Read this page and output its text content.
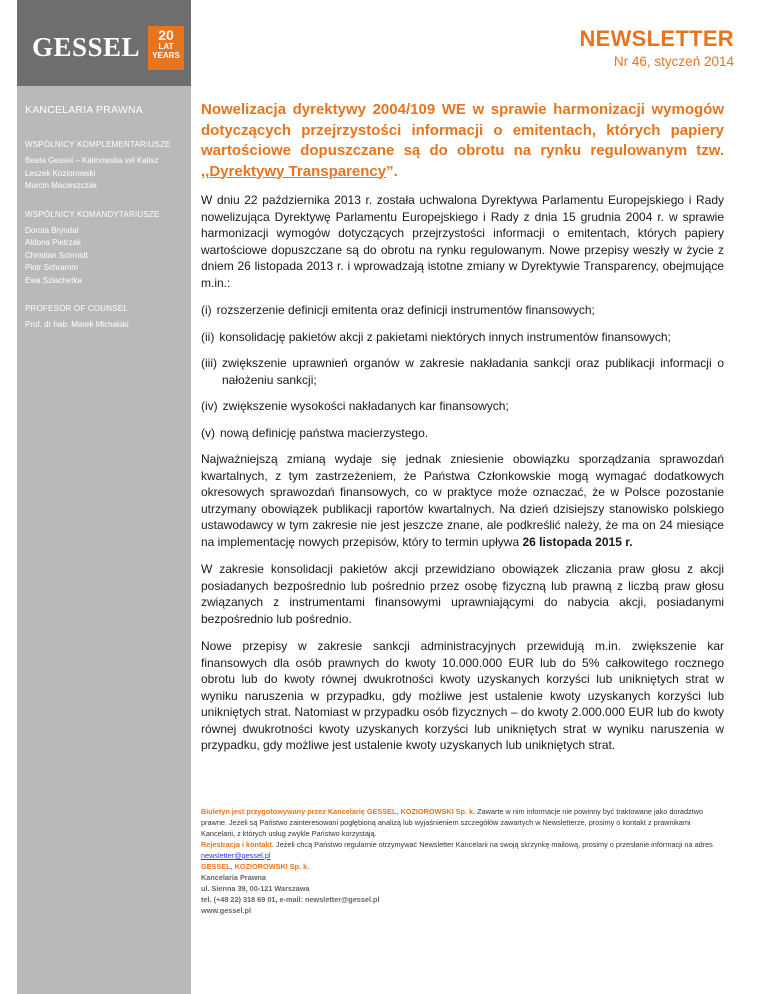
GESSEL	20
LAT
YEARS
KANCELARIA PRAWNA
WSPÓLNICY KOMPLEMENTARIUSZE
Beata Gessel – Kalinowska vel Kalisz
Leszek Koziorowski
Marcin Macieszczak
WSPÓLNICY KOMANDYTARIUSZE
Dorota Bryndal
Aldona Pietrzak
Christian Schmidt
Piotr Schramm
Ewa Szlachetka
PROFESOR OF COUNSEL
Prof. dr hab. Marek Michalski
NEWSLETTER
Nr 46, styczeń 2014

Nowelizacja dyrektywy 2004/109 WE w sprawie harmonizacji wymogów dotyczących przejrzystości informacji o emitentach, których papiery wartościowe dopuszczane są do obrotu na rynku regulowanym tzw. ,,Dyrektywy Transparency”.

W dniu 22 października 2013 r. została uchwalona Dyrektywa Parlamentu Europejskiego i Rady nowelizująca Dyrektywę Parlamentu Europejskiego i Rady z dnia 15 grudnia 2004 r. w sprawie harmonizacji wymogów dotyczących przejrzystości informacji o emitentach, których papiery wartościowe dopuszczane są do obrotu na rynku regulowanym. Nowe przepisy weszły w życie z dniem 26 listopada 2013 r. i wprowadzają istotne zmiany w Dyrektywie Transparency, obejmujące m.in.:

(i) rozszerzenie definicji emitenta oraz definicji instrumentów finansowych;
(ii) konsolidację pakietów akcji z pakietami niektórych innych instrumentów finansowych;
(iii) zwiększenie uprawnień organów w zakresie nakładania sankcji oraz publikacji informacji o nałożeniu sankcji;
(iv) zwiększenie wysokości nakładanych kar finansowych;
(v) nową definicję państwa macierzystego.

Najważniejszą zmianą wydaje się jednak zniesienie obowiązku sporządzania sprawozdań kwartalnych, z tym zastrzeżeniem, że Państwa Członkowskie mogą wymagać dodatkowych okresowych sprawozdań finansowych, co w praktyce może oznaczać, że w Polsce pozostanie utrzymany obowiązek publikacji raportów kwartalnych. Na dzień dzisiejszy stanowisko polskiego ustawodawcy w tym zakresie nie jest jeszcze znane, ale podkreślić należy, że ma on 24 miesiące na implementację nowych przepisów, który to termin upływa 26 listopada 2015 r.

W zakresie konsolidacji pakietów akcji przewidziano obowiązek zliczania praw głosu z akcji posiadanych bezpośrednio lub pośrednio przez osobę fizyczną lub prawną z liczbą praw głosu związanych z instrumentami finansowymi uprawniającymi do nabycia akcji, posiadanymi bezpośrednio lub pośrednio.

Nowe przepisy w zakresie sankcji administracyjnych przewidują m.in. zwiększenie kar finansowych dla osób prawnych do kwoty 10.000.000 EUR lub do 5% całkowitego rocznego obrotu lub do kwoty równej dwukrotności kwoty uzyskanych korzyści lub unikniętych strat w wyniku naruszenia w przypadku, gdy możliwe jest ustalenie kwoty uzyskanych korzyści lub unikniętych strat. Natomiast w przypadku osób fizycznych – do kwoty 2.000.000 EUR lub do kwoty równej dwukrotności kwoty uzyskanych korzyści lub unikniętych strat w wyniku naruszenia w przypadku, gdy możliwe jest ustalenie kwoty uzyskanych lub unikniętych strat.

Biuletyn jest przygotowywany przez Kancelarię GESSEL, KOZIOROWSKI Sp. k. Zawarte w nim informacje nie powinny być traktowane jako doradztwo prawne. Jeżeli są Państwo zainteresowani pogłębioną analizą lub wyjaśnieniem szczegółów zawartych w Newsletterze, prosimy o kontakt z prawnikami Kancelarii, z których usług zwykle Państwo korzystają.
Rejestracja i kontakt. Jeżeli chcą Państwo regularnie otrzymywać Newsletter Kancelarii na swoją skrzynkę mailową, prosimy o przesłanie informacji na adres newsletter@gessel.pl
GESSEL, KOZIOROWSKI Sp. k.
Kancelaria Prawna
ul. Sienna 39, 00-121 Warszawa
tel. (+48 22) 318 69 01, e-mail: newsletter@gessel.pl
www.gessel.pl
